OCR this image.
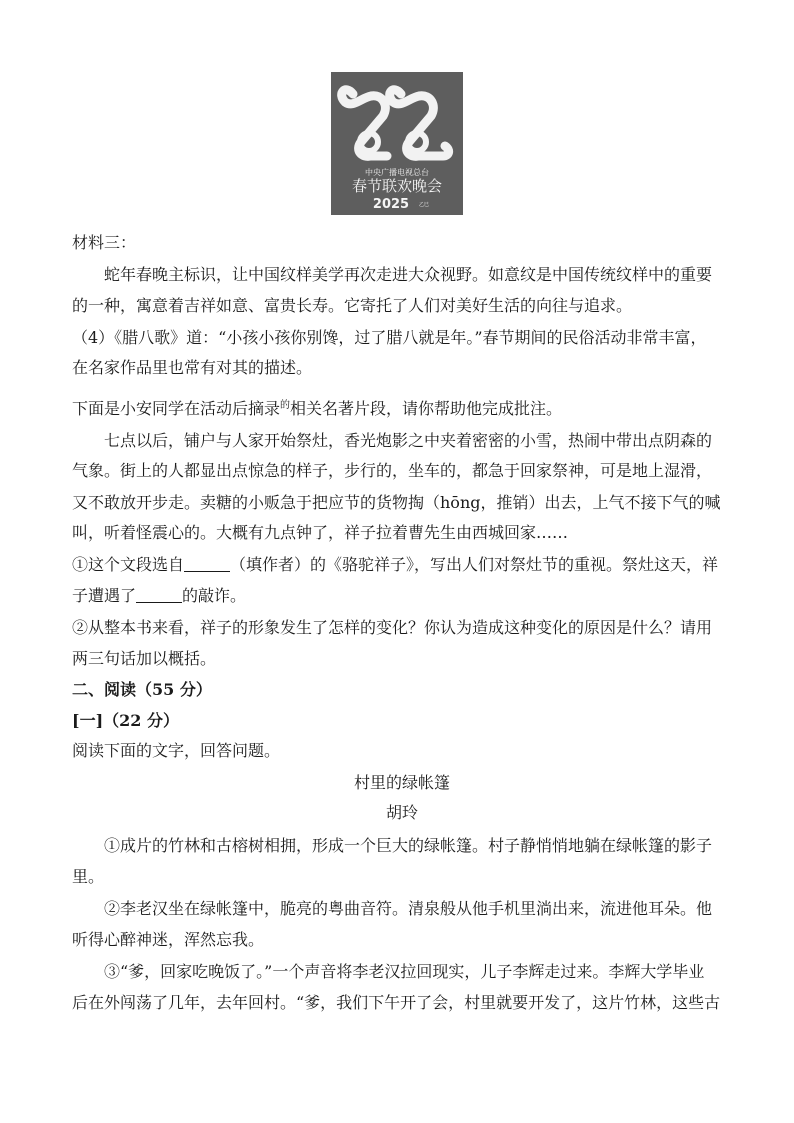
中央广播电视总台
春节联欢晚会
2025 乙巳
材料三：
蛇年春晚主标识，让中国纹样美学再次走进大众视野。如意纹是中国传统纹样中的重要
的一种，寓意着吉祥如意、富贵长寿。它寄托了人们对美好生活的向往与追求。
（4）《腊八歌》道：“小孩小孩你别馋，过了腊八就是年。”春节期间的民俗活动非常丰富，
在名家作品里也常有对其的描述。
下面是小安同学在活动后摘录$^的$相关名著片段，请你帮助他完成批注。
七点以后，铺户与人家开始祭灶，香光炮影之中夹着密密的小雪，热闹中带出点阴森的
气象。街上的人都显出点惊急的样子，步行的，坐车的，都急于回家祭神，可是地上湿滑，
又不敢放开步走。卖糖的小贩急于把应节的货物掏（hōng，推销）出去，上气不接下气的喊
叫，听着怪震心的。大概有九点钟了，祥子拉着曹先生由西城回家……
①这个文段选自	（填作者）的《骆驼祥子》，写出人们对祭灶节的重视。祭灶这天，祥
子遭遇了	的敲诈。
②从整本书来看，祥子的形象发生了怎样的变化？你认为造成这种变化的原因是什么？请用
两三句话加以概括。
二、阅读（55 分）
[一]（22 分）
阅读下面的文字，回答问题。
村里的绿帐篷
胡玲
①成片的竹林和古榕树相拥，形成一个巨大的绿帐篷。村子静悄悄地躺在绿帐篷的影子
里。
②李老汉坐在绿帐篷中，脆亮的粤曲音符。清泉般从他手机里淌出来，流进他耳朵。他
听得心醉神迷，浑然忘我。
③“爹，回家吃晚饭了。”一个声音将李老汉拉回现实，儿子李辉走过来。李辉大学毕业
后在外闯荡了几年，去年回村。“爹，我们下午开了会，村里就要开发了，这片竹林，这些古
